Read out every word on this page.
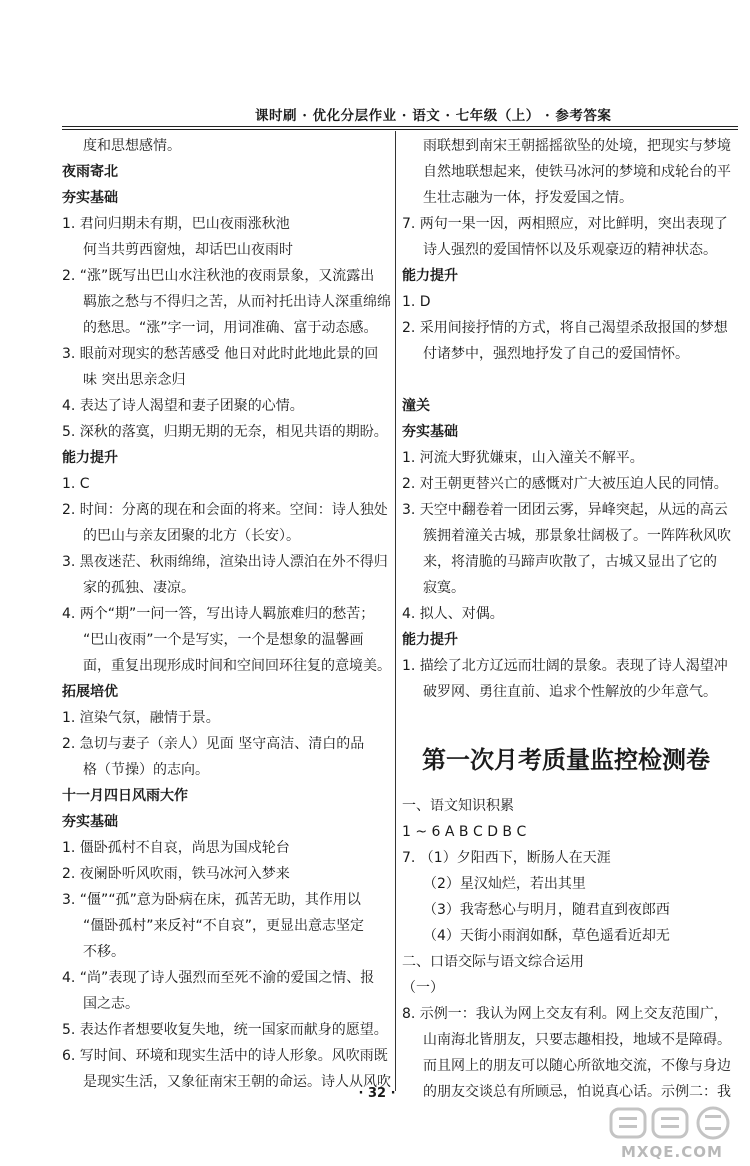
课时刷 · 优化分层作业 · 语文 · 七年级（上） · 参考答案
度和思想感情。
夜雨寄北
夯实基础
1. 君问归期未有期，巴山夜雨涨秋池
何当共剪西窗烛，却话巴山夜雨时
2. “涨”既写出巴山水注秋池的夜雨景象，又流露出
羁旅之愁与不得归之苦，从而衬托出诗人深重绵绵
的愁思。“涨”字一词，用词准确、富于动态感。
3. 眼前对现实的愁苦感受 他日对此时此地此景的回
味 突出思亲念归
4. 表达了诗人渴望和妻子团聚的心情。
5. 深秋的落寞，归期无期的无奈，相见共语的期盼。
能力提升
1. C
2. 时间：分离的现在和会面的将来。空间：诗人独处
的巴山与亲友团聚的北方（长安）。
3. 黑夜迷茫、秋雨绵绵，渲染出诗人漂泊在外不得归
家的孤独、凄凉。
4. 两个“期”一问一答，写出诗人羁旅难归的愁苦；
“巴山夜雨”一个是写实，一个是想象的温馨画
面，重复出现形成时间和空间回环往复的意境美。
拓展培优
1. 渲染气氛，融情于景。
2. 急切与妻子（亲人）见面 坚守高洁、清白的品
格（节操）的志向。
十一月四日风雨大作
夯实基础
1. 僵卧孤村不自哀，尚思为国戍轮台
2. 夜阑卧听风吹雨，铁马冰河入梦来
3. “僵”“孤”意为卧病在床，孤苦无助，其作用以
“僵卧孤村”来反衬“不自哀”，更显出意志坚定
不移。
4. “尚”表现了诗人强烈而至死不渝的爱国之情、报
国之志。
5. 表达作者想要收复失地，统一国家而献身的愿望。
6. 写时间、环境和现实生活中的诗人形象。风吹雨既
是现实生活，又象征南宋王朝的命运。诗人从风吹
雨联想到南宋王朝摇摇欲坠的处境，把现实与梦境
自然地联想起来，使铁马冰河的梦境和戍轮台的平
生壮志融为一体，抒发爱国之情。
7. 两句一果一因，两相照应，对比鲜明，突出表现了
诗人强烈的爱国情怀以及乐观豪迈的精神状态。
能力提升
1. D
2. 采用间接抒情的方式，将自己渴望杀敌报国的梦想
付诸梦中，强烈地抒发了自己的爱国情怀。
潼关
夯实基础
1. 河流大野犹嫌束，山入潼关不解平。
2. 对王朝更替兴亡的感慨对广大被压迫人民的同情。
3. 天空中翻卷着一团团云雾，异峰突起，从远的高云
簇拥着潼关古城，那景象壮阔极了。一阵阵秋风吹
来，将清脆的马蹄声吹散了，古城又显出了它的
寂寞。
4. 拟人、对偶。
能力提升
1. 描绘了北方辽远而壮阔的景象。表现了诗人渴望冲
破罗网、勇往直前、追求个性解放的少年意气。
第一次月考质量监控检测卷
一、语文知识积累
1 ~ 6 A B C D B C
7. （1）夕阳西下，断肠人在天涯
（2）星汉灿烂，若出其里
（3）我寄愁心与明月，随君直到夜郎西
（4）天街小雨润如酥，草色遥看近却无
二、口语交际与语文综合运用
（一）
8. 示例一：我认为网上交友有利。网上交友范围广，
山南海北皆朋友，只要志趣相投，地域不是障碍。
而且网上的朋友可以随心所欲地交流，不像与身边
的朋友交谈总有所顾忌，怕说真心话。示例二：我
· 32 ·
MXQE.COM
